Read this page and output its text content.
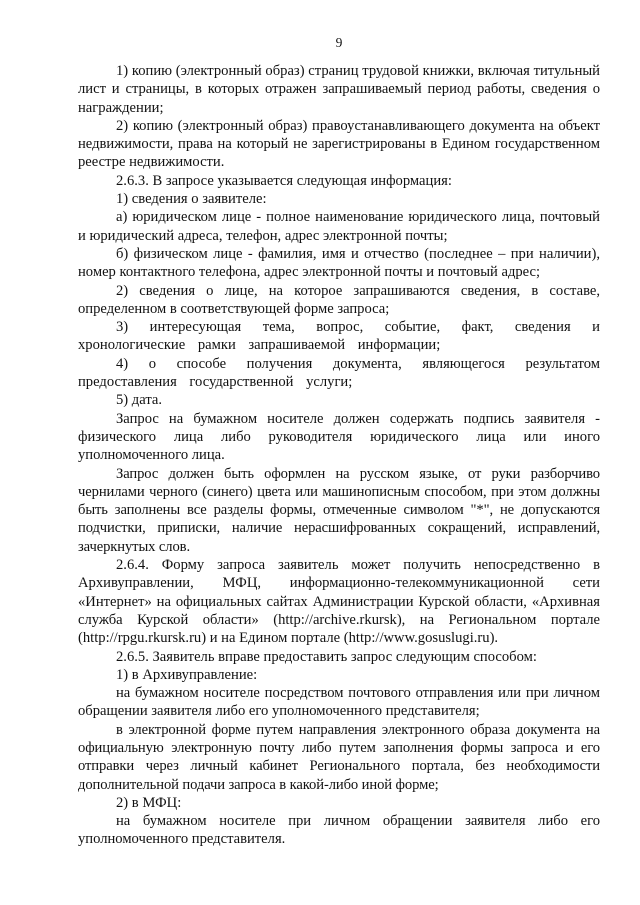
9

1) копию (электронный образ) страниц трудовой книжки, включая титульный лист и страницы, в которых отражен запрашиваемый период работы, сведения о награждении;

2) копию (электронный образ) правоустанавливающего документа на объект недвижимости, права на который не зарегистрированы в Едином государственном реестре недвижимости.

2.6.3. В запросе указывается следующая информация:

1) сведения о заявителе:

а) юридическом лице - полное наименование юридического лица, почтовый и юридический адреса, телефон, адрес электронной почты;

б) физическом лице - фамилия, имя и отчество (последнее – при наличии), номер контактного телефона, адрес электронной почты и почтовый адрес;

2) сведения о лице, на которое запрашиваются сведения, в составе, определенном в соответствующей форме запроса;

3) интересующая тема, вопрос, событие, факт, сведения и хронологические рамки запрашиваемой информации;

4) о способе получения документа, являющегося результатом предоставления государственной услуги;

5) дата.

Запрос на бумажном носителе должен содержать подпись заявителя - физического лица либо руководителя юридического лица или иного уполномоченного лица.

Запрос должен быть оформлен на русском языке, от руки разборчиво чернилами черного (синего) цвета или машинописным способом, при этом должны быть заполнены все разделы формы, отмеченные символом "*", не допускаются подчистки, приписки, наличие нерасшифрованных сокращений, исправлений, зачеркнутых слов.

2.6.4. Форму запроса заявитель может получить непосредственно в Архивуправлении, МФЦ, информационно-телекоммуникационной сети «Интернет» на официальных сайтах Администрации Курской области, «Архивная служба Курской области» (http://archive.rkursk), на Региональном портале (http://rpgu.rkursk.ru) и на Едином портале (http://www.gosuslugi.ru).

2.6.5. Заявитель вправе предоставить запрос следующим способом:

1) в Архивуправление:

на бумажном носителе посредством почтового отправления или при личном обращении заявителя либо его уполномоченного представителя;

в электронной форме путем направления электронного образа документа на официальную электронную почту либо путем заполнения формы запроса и его отправки через личный кабинет Регионального портала, без необходимости дополнительной подачи запроса в какой-либо иной форме;

2) в МФЦ:

на бумажном носителе при личном обращении заявителя либо его уполномоченного представителя.
